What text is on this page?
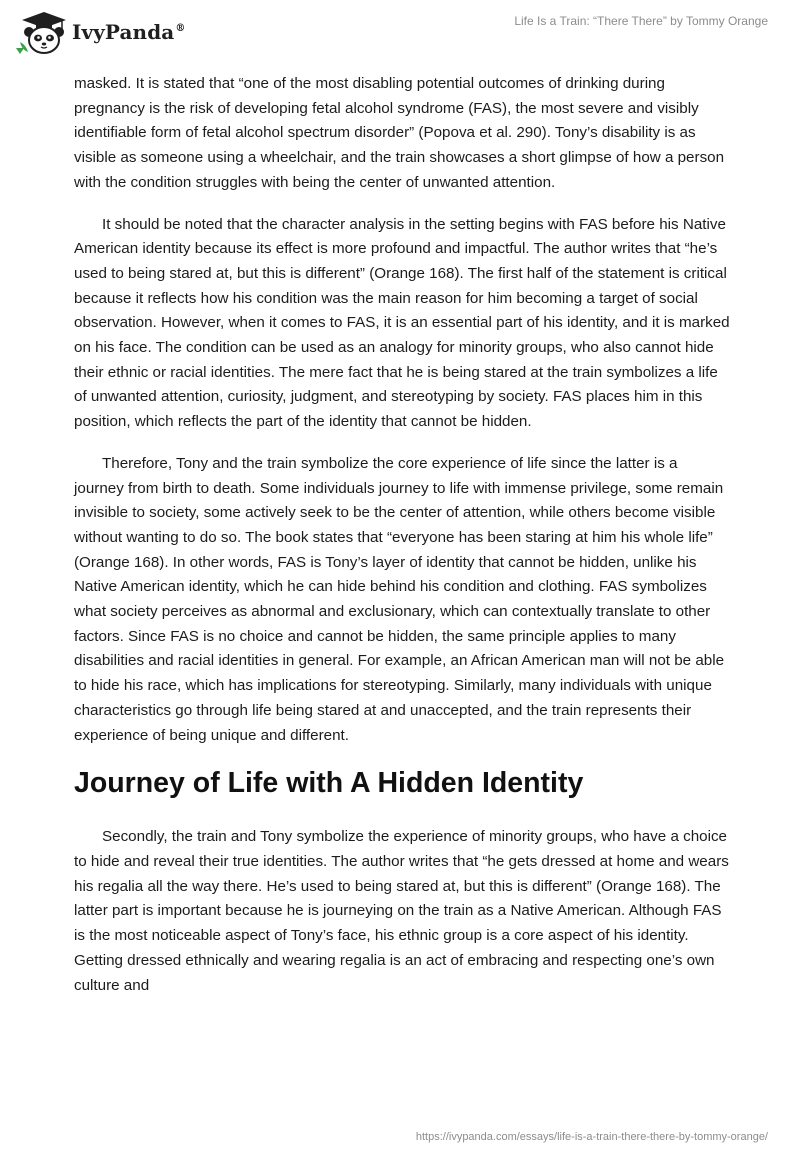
IvyPanda®
Life Is a Train: “There There” by Tommy Orange

masked. It is stated that “one of the most disabling potential outcomes of drinking during pregnancy is the risk of developing fetal alcohol syndrome (FAS), the most severe and visibly identifiable form of fetal alcohol spectrum disorder” (Popova et al. 290). Tony’s disability is as visible as someone using a wheelchair, and the train showcases a short glimpse of how a person with the condition struggles with being the center of unwanted attention.

It should be noted that the character analysis in the setting begins with FAS before his Native American identity because its effect is more profound and impactful. The author writes that “he’s used to being stared at, but this is different” (Orange 168). The first half of the statement is critical because it reflects how his condition was the main reason for him becoming a target of social observation. However, when it comes to FAS, it is an essential part of his identity, and it is marked on his face. The condition can be used as an analogy for minority groups, who also cannot hide their ethnic or racial identities. The mere fact that he is being stared at the train symbolizes a life of unwanted attention, curiosity, judgment, and stereotyping by society. FAS places him in this position, which reflects the part of the identity that cannot be hidden.

Therefore, Tony and the train symbolize the core experience of life since the latter is a journey from birth to death. Some individuals journey to life with immense privilege, some remain invisible to society, some actively seek to be the center of attention, while others become visible without wanting to do so. The book states that “everyone has been staring at him his whole life” (Orange 168). In other words, FAS is Tony’s layer of identity that cannot be hidden, unlike his Native American identity, which he can hide behind his condition and clothing. FAS symbolizes what society perceives as abnormal and exclusionary, which can contextually translate to other factors. Since FAS is no choice and cannot be hidden, the same principle applies to many disabilities and racial identities in general. For example, an African American man will not be able to hide his race, which has implications for stereotyping. Similarly, many individuals with unique characteristics go through life being stared at and unaccepted, and the train represents their experience of being unique and different.

Journey of Life with A Hidden Identity

Secondly, the train and Tony symbolize the experience of minority groups, who have a choice to hide and reveal their true identities. The author writes that “he gets dressed at home and wears his regalia all the way there. He’s used to being stared at, but this is different” (Orange 168). The latter part is important because he is journeying on the train as a Native American. Although FAS is the most noticeable aspect of Tony’s face, his ethnic group is a core aspect of his identity. Getting dressed ethnically and wearing regalia is an act of embracing and respecting one’s own culture and

https://ivypanda.com/essays/life-is-a-train-there-there-by-tommy-orange/
